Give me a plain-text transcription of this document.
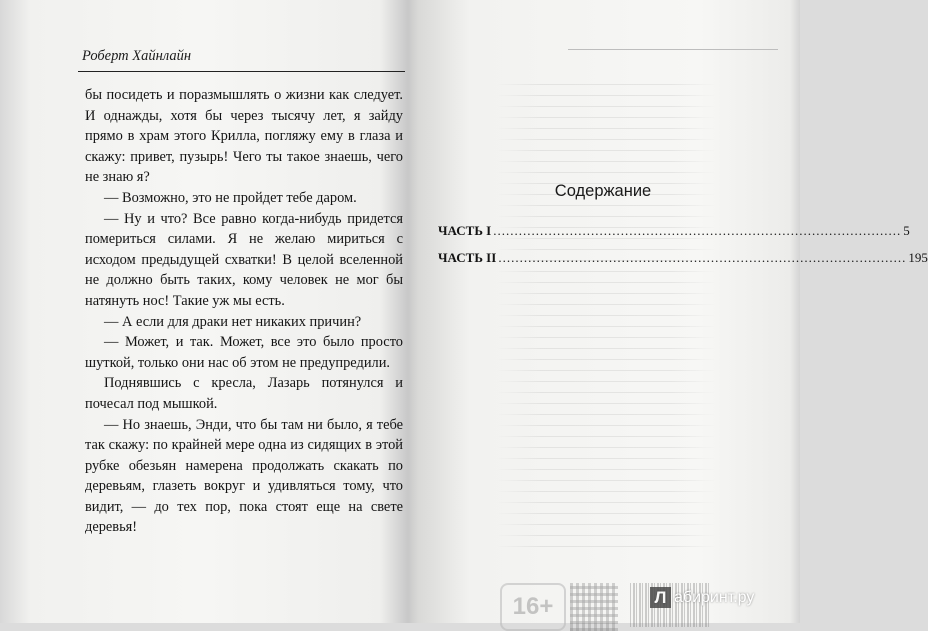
Роберт Хайнлайн

бы посидеть и поразмышлять о жизни как следует. И однажды, хотя бы через тысячу лет, я зайду прямо в храм этого Крилла, погляжу ему в глаза и скажу: привет, пузырь! Чего ты такое знаешь, чего не знаю я?

— Возможно, это не пройдет тебе даром.

— Ну и что? Все равно когда-нибудь придется помериться силами. Я не желаю мириться с исходом предыдущей схватки! В целой вселенной не должно быть таких, кому человек не мог бы натянуть нос! Такие уж мы есть.

— А если для драки нет никаких причин?

— Может, и так. Может, все это было просто шуткой, только они нас об этом не предупредили.

Поднявшись с кресла, Лазарь потянулся и почесал под мышкой.

— Но знаешь, Энди, что бы там ни было, я тебе так скажу: по крайней мере одна из сидящих в этой рубке обезьян намерена продолжать скакать по деревьям, глазеть вокруг и удивляться тому, что видит, — до тех пор, пока стоят еще на свете деревья!

Содержание
ЧАСТЬ I ................................................................................................ 5
ЧАСТЬ II ................................................................................................ 195
16+	Л абиринт.ру
